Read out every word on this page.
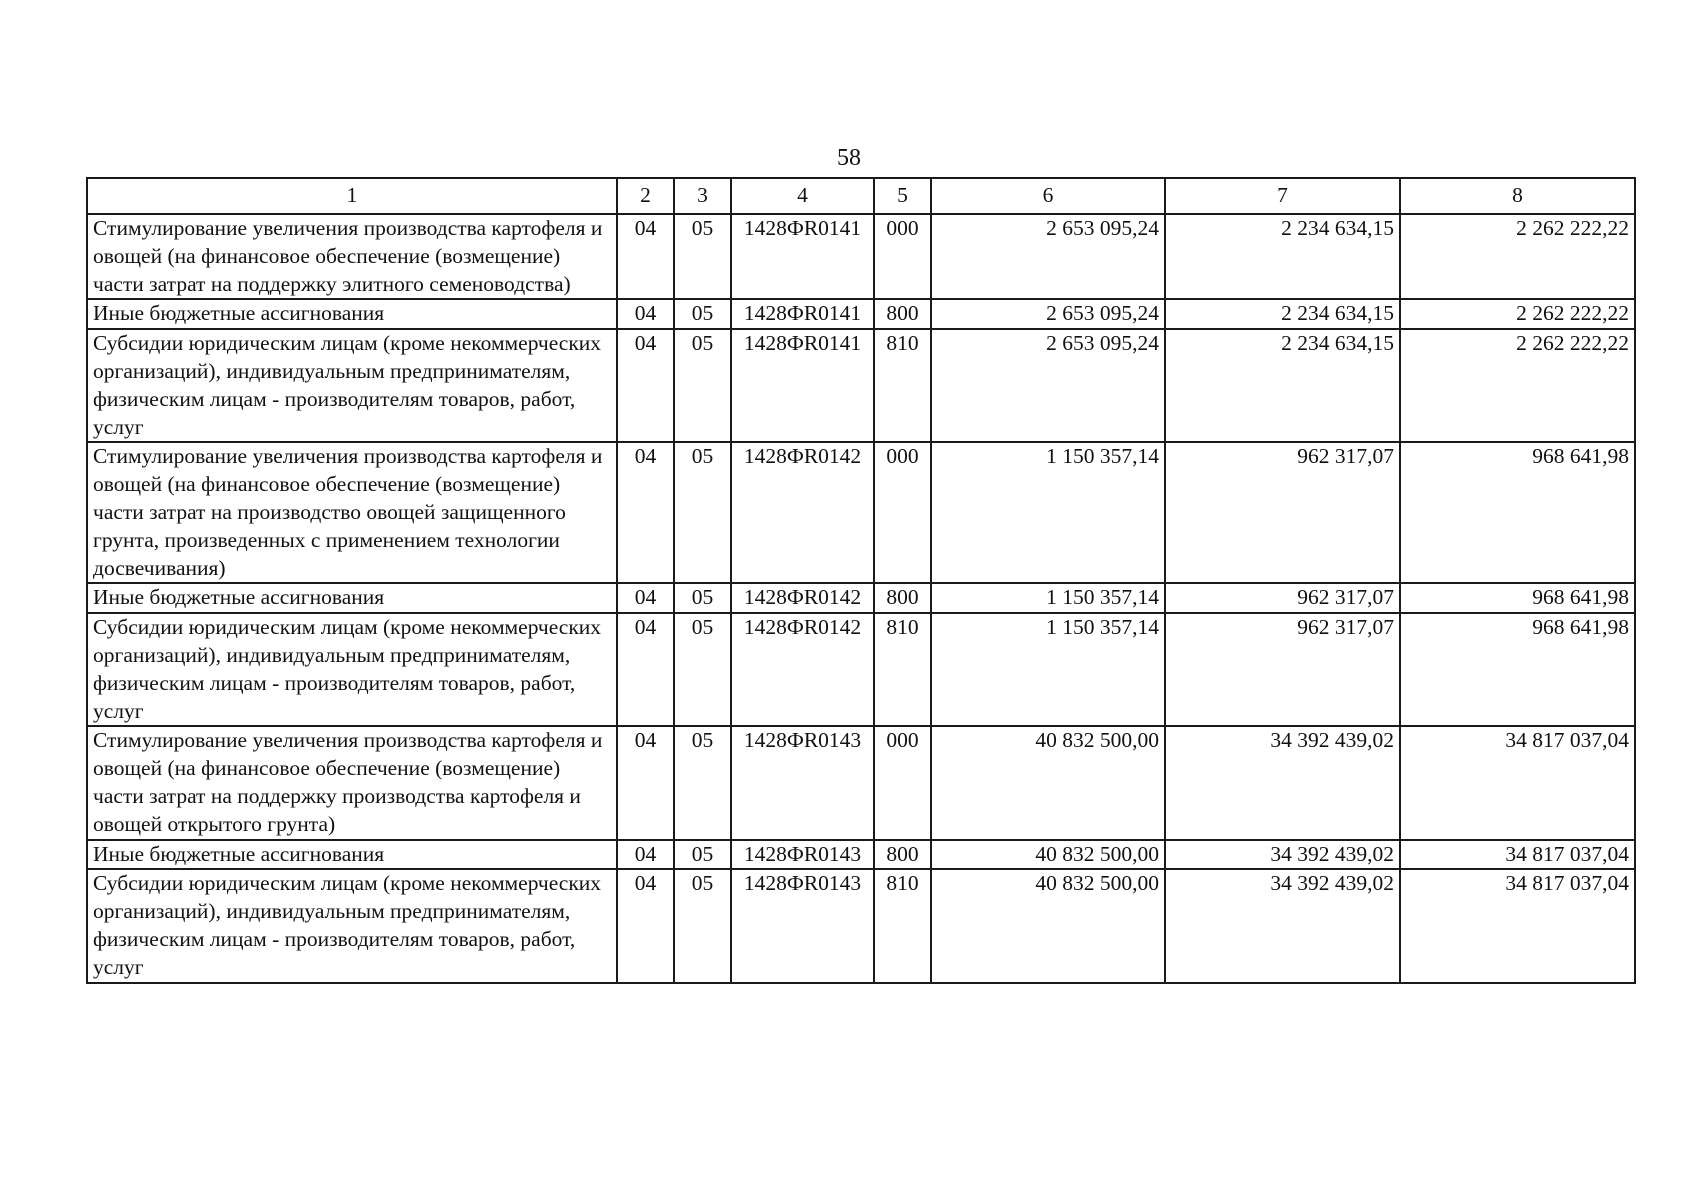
58
1	2	3	4	5	6	7	8
Стимулирование увеличения производства картофеля и овощей (на финансовое обеспечение (возмещение) части затрат на поддержку элитного семеноводства)	04	05	1428ФR0141	000	2 653 095,24	2 234 634,15	2 262 222,22
Иные бюджетные ассигнования	04	05	1428ФR0141	800	2 653 095,24	2 234 634,15	2 262 222,22
Субсидии юридическим лицам (кроме некоммерческих организаций), индивидуальным предпринимателям, физическим лицам - производителям товаров, работ, услуг	04	05	1428ФR0141	810	2 653 095,24	2 234 634,15	2 262 222,22
Стимулирование увеличения производства картофеля и овощей (на финансовое обеспечение (возмещение) части затрат на производство овощей защищенного грунта, произведенных с применением технологии досвечивания)	04	05	1428ФR0142	000	1 150 357,14	962 317,07	968 641,98
Иные бюджетные ассигнования	04	05	1428ФR0142	800	1 150 357,14	962 317,07	968 641,98
Субсидии юридическим лицам (кроме некоммерческих организаций), индивидуальным предпринимателям, физическим лицам - производителям товаров, работ, услуг	04	05	1428ФR0142	810	1 150 357,14	962 317,07	968 641,98
Стимулирование увеличения производства картофеля и овощей (на финансовое обеспечение (возмещение) части затрат на поддержку производства картофеля и овощей открытого грунта)	04	05	1428ФR0143	000	40 832 500,00	34 392 439,02	34 817 037,04
Иные бюджетные ассигнования	04	05	1428ФR0143	800	40 832 500,00	34 392 439,02	34 817 037,04
Субсидии юридическим лицам (кроме некоммерческих организаций), индивидуальным предпринимателям, физическим лицам - производителям товаров, работ, услуг	04	05	1428ФR0143	810	40 832 500,00	34 392 439,02	34 817 037,04
